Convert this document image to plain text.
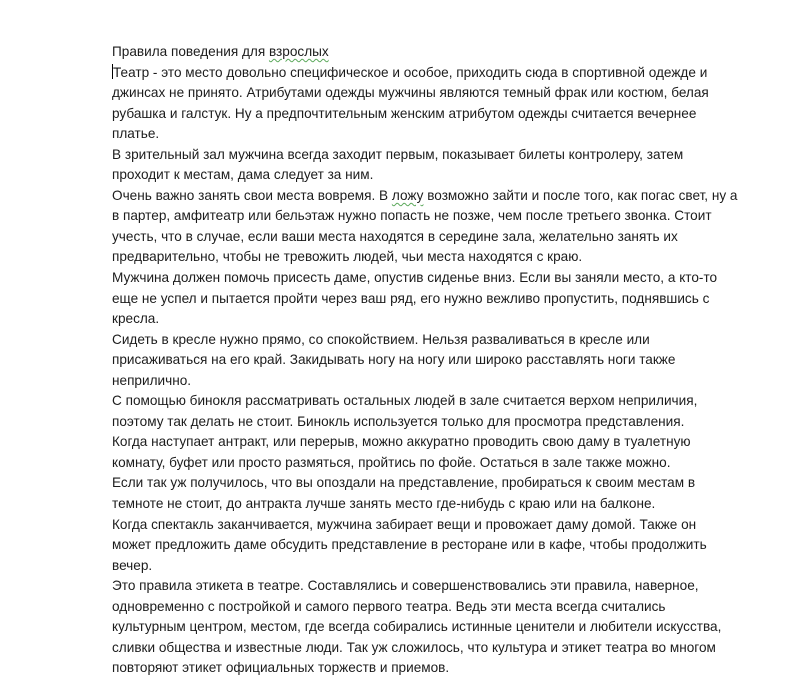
Правила поведения для взрослых
Театр - это место довольно специфическое и особое, приходить сюда в спортивной одежде и
джинсах не принято. Атрибутами одежды мужчины являются темный фрак или костюм, белая
рубашка и галстук. Ну а предпочтительным женским атрибутом одежды считается вечернее
платье.
В зрительный зал мужчина всегда заходит первым, показывает билеты контролеру, затем
проходит к местам, дама следует за ним.
Очень важно занять свои места вовремя. В ложу возможно зайти и после того, как погас свет, ну а
в партер, амфитеатр или бельэтаж нужно попасть не позже, чем после третьего звонка. Стоит
учесть, что в случае, если ваши места находятся в середине зала, желательно занять их
предварительно, чтобы не тревожить людей, чьи места находятся с краю.
Мужчина должен помочь присесть даме, опустив сиденье вниз. Если вы заняли место, а кто-то
еще не успел и пытается пройти через ваш ряд, его нужно вежливо пропустить, поднявшись с
кресла.
Сидеть в кресле нужно прямо, со спокойствием. Нельзя разваливаться в кресле или
присаживаться на его край. Закидывать ногу на ногу или широко расставлять ноги также
неприлично.
С помощью бинокля рассматривать остальных людей в зале считается верхом неприличия,
поэтому так делать не стоит. Бинокль используется только для просмотра представления.
Когда наступает антракт, или перерыв, можно аккуратно проводить свою даму в туалетную
комнату, буфет или просто размяться, пройтись по фойе. Остаться в зале также можно.
Если так уж получилось, что вы опоздали на представление, пробираться к своим местам в
темноте не стоит, до антракта лучше занять место где-нибудь с краю или на балконе.
Когда спектакль заканчивается, мужчина забирает вещи и провожает даму домой. Также он
может предложить даме обсудить представление в ресторане или в кафе, чтобы продолжить
вечер.
Это правила этикета в театре. Составлялись и совершенствовались эти правила, наверное,
одновременно с постройкой и самого первого театра. Ведь эти места всегда считались
культурным центром, местом, где всегда собирались истинные ценители и любители искусства,
сливки общества и известные люди. Так уж сложилось, что культура и этикет театра во многом
повторяют этикет официальных торжеств и приемов.
